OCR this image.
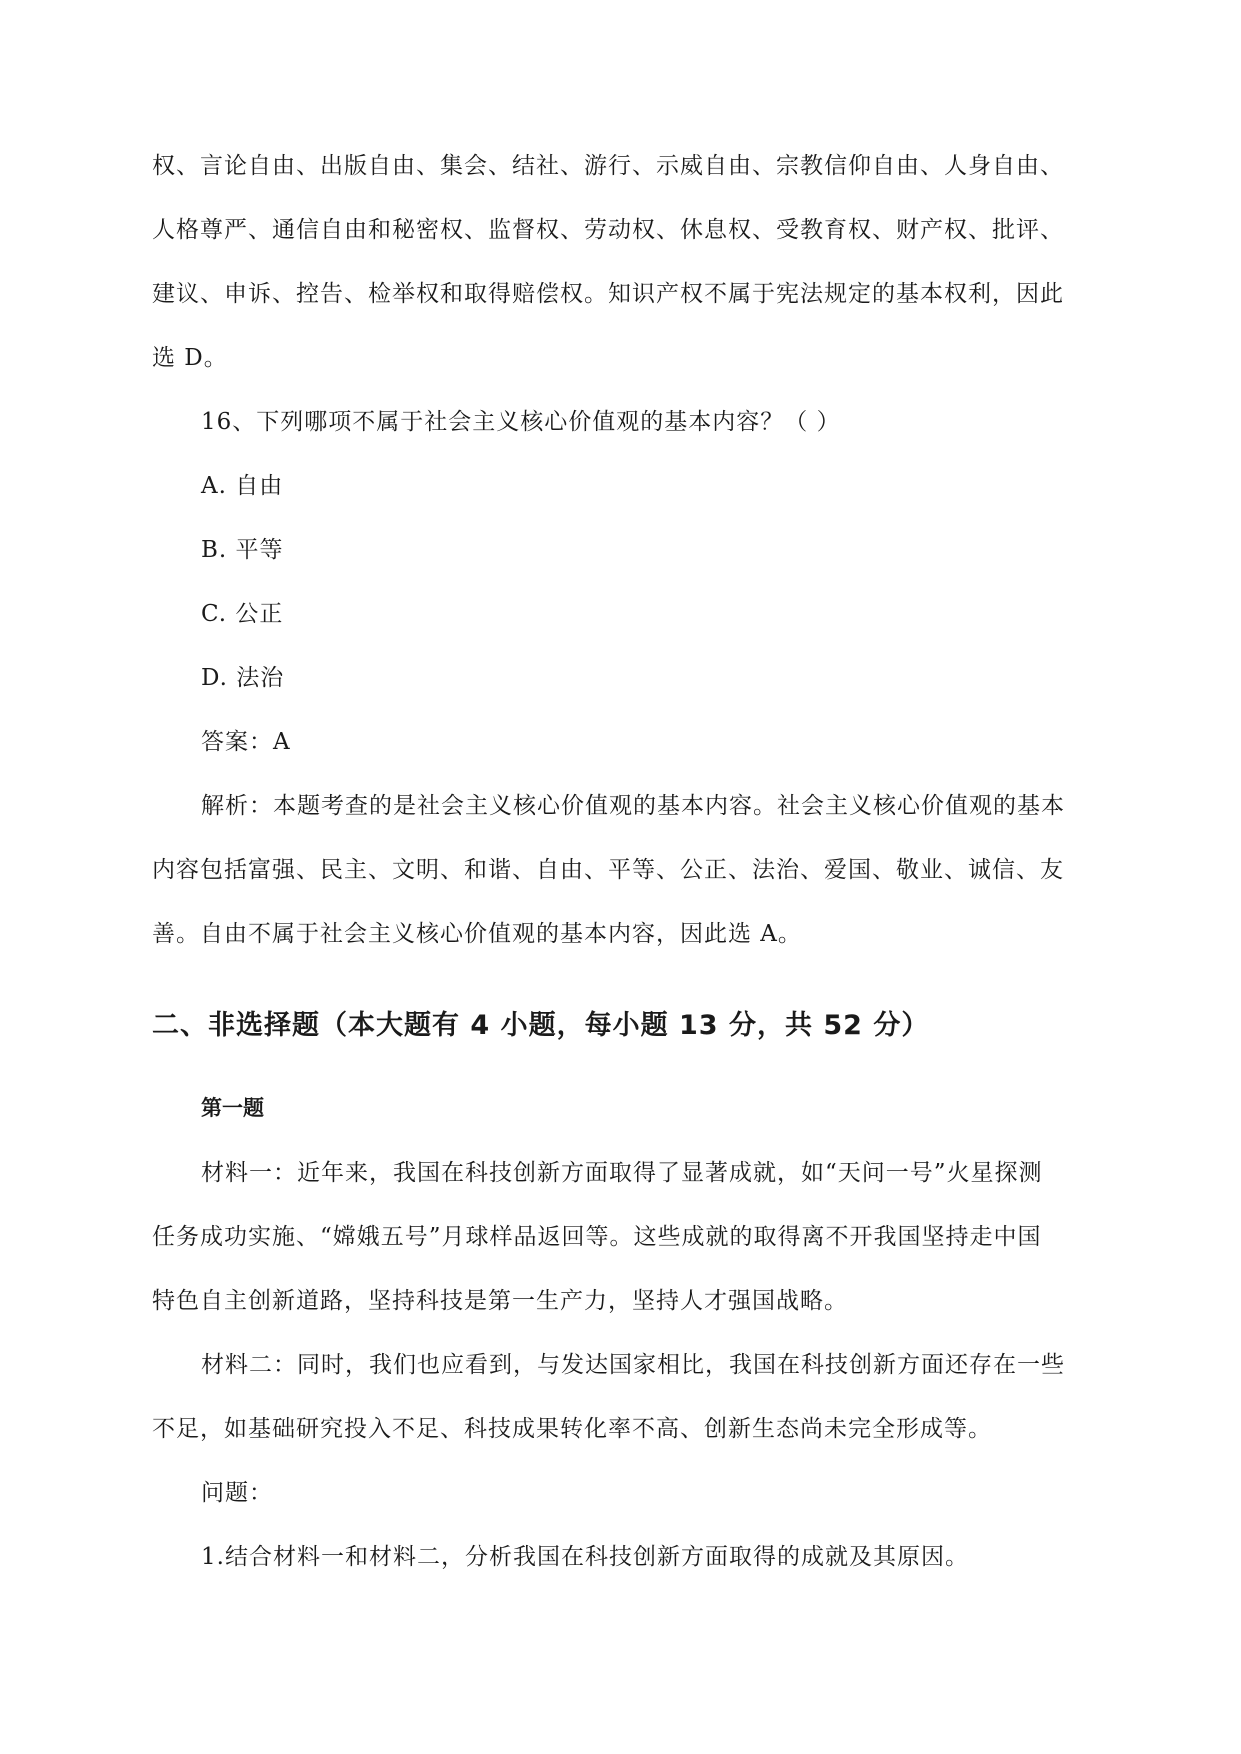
权、言论自由、出版自由、集会、结社、游行、示威自由、宗教信仰自由、人身自由、
人格尊严、通信自由和秘密权、监督权、劳动权、休息权、受教育权、财产权、批评、
建议、申诉、控告、检举权和取得赔偿权。知识产权不属于宪法规定的基本权利，因此
选 D。
16、下列哪项不属于社会主义核心价值观的基本内容？（ ）
A. 自由
B. 平等
C. 公正
D. 法治
答案：A
解析：本题考查的是社会主义核心价值观的基本内容。社会主义核心价值观的基本
内容包括富强、民主、文明、和谐、自由、平等、公正、法治、爱国、敬业、诚信、友
善。自由不属于社会主义核心价值观的基本内容，因此选 A。
二、非选择题（本大题有 4 小题，每小题 13 分，共 52 分）
第一题
材料一：近年来，我国在科技创新方面取得了显著成就，如“天问一号”火星探测
任务成功实施、“嫦娥五号”月球样品返回等。这些成就的取得离不开我国坚持走中国
特色自主创新道路，坚持科技是第一生产力，坚持人才强国战略。
材料二：同时，我们也应看到，与发达国家相比，我国在科技创新方面还存在一些
不足，如基础研究投入不足、科技成果转化率不高、创新生态尚未完全形成等。
问题：
1.结合材料一和材料二，分析我国在科技创新方面取得的成就及其原因。
